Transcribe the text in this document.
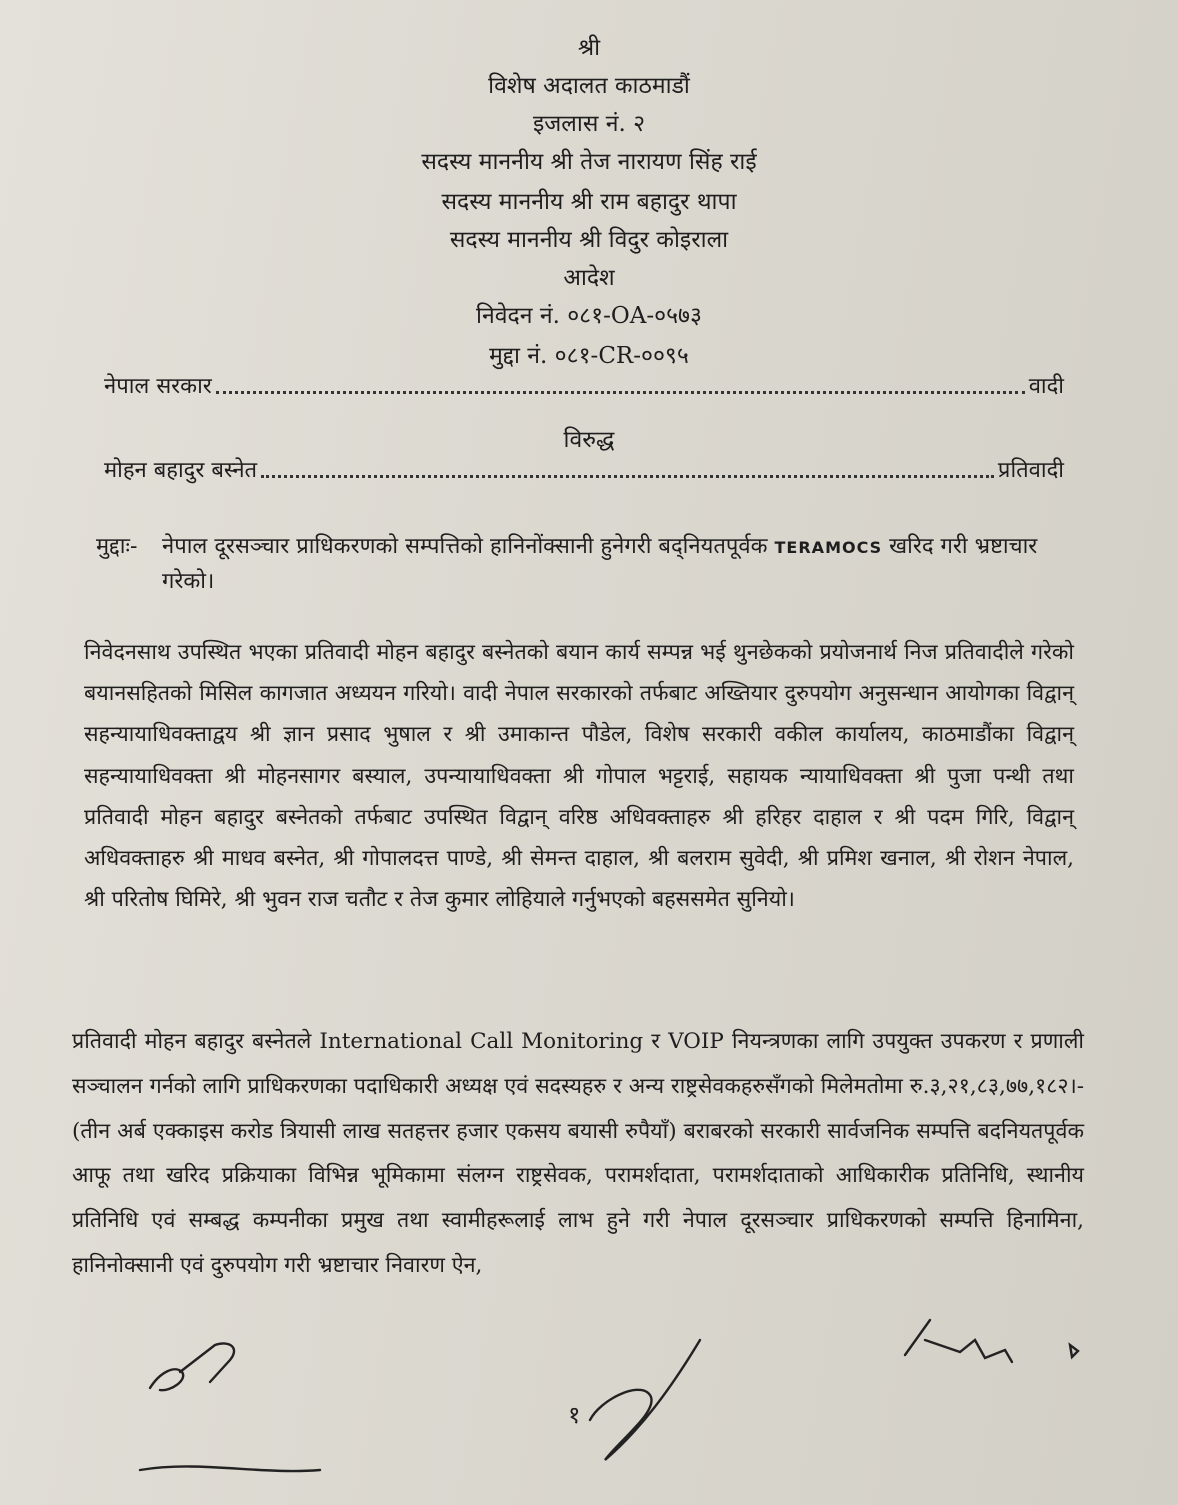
श्री
विशेष अदालत काठमाडौं
इजलास नं. २
सदस्य माननीय श्री तेज नारायण सिंह राई
सदस्य माननीय श्री राम बहादुर थापा
सदस्य माननीय श्री विदुर कोइराला
आदेश
निवेदन नं. ०८१-OA-०५७३
मुद्दा नं. ०८१-CR-००९५
नेपाल सरकार	वादी
विरुद्ध
मोहन बहादुर बस्नेत	प्रतिवादी
मुद्दाः-	नेपाल दूरसञ्चार प्राधिकरणको सम्पत्तिको हानिनोंक्सानी हुनेगरी बद्नियतपूर्वक TERAMOCS खरिद गरी भ्रष्टाचार गरेको।
निवेदनसाथ उपस्थित भएका प्रतिवादी मोहन बहादुर बस्नेतको बयान कार्य सम्पन्न भई थुनछेकको प्रयोजनार्थ निज प्रतिवादीले गरेको बयानसहितको मिसिल कागजात अध्ययन गरियो। वादी नेपाल सरकारको तर्फबाट अख्तियार दुरुपयोग अनुसन्धान आयोगका विद्वान् सहन्यायाधिवक्ताद्वय श्री ज्ञान प्रसाद भुषाल र श्री उमाकान्त पौडेल, विशेष सरकारी वकील कार्यालय, काठमाडौंका विद्वान् सहन्यायाधिवक्ता श्री मोहनसागर बस्याल, उपन्यायाधिवक्ता श्री गोपाल भट्टराई, सहायक न्यायाधिवक्ता श्री पुजा पन्थी तथा प्रतिवादी मोहन बहादुर बस्नेतको तर्फबाट उपस्थित विद्वान् वरिष्ठ अधिवक्ताहरु श्री हरिहर दाहाल र श्री पदम गिरि, विद्वान् अधिवक्ताहरु श्री माधव बस्नेत, श्री गोपालदत्त पाण्डे, श्री सेमन्त दाहाल, श्री बलराम सुवेदी, श्री प्रमिश खनाल, श्री रोशन नेपाल, श्री परितोष घिमिरे, श्री भुवन राज चतौट र तेज कुमार लोहियाले गर्नुभएको बहससमेत सुनियो।
प्रतिवादी मोहन बहादुर बस्नेतले International Call Monitoring र VOIP नियन्त्रणका लागि उपयुक्त उपकरण र प्रणाली सञ्चालन गर्नको लागि प्राधिकरणका पदाधिकारी अध्यक्ष एवं सदस्यहरु र अन्य राष्ट्रसेवकहरुसँगको मिलेमतोमा रु.३,२१,८३,७७,१८२।- (तीन अर्ब एक्काइस करोड त्रियासी लाख सतहत्तर हजार एकसय बयासी रुपैयाँ) बराबरको सरकारी सार्वजनिक सम्पत्ति बदनियतपूर्वक आफू तथा खरिद प्रक्रियाका विभिन्न भूमिकामा संलग्न राष्ट्रसेवक, परामर्शदाता, परामर्शदाताको आधिकारीक प्रतिनिधि, स्थानीय प्रतिनिधि एवं सम्बद्ध कम्पनीका प्रमुख तथा स्वामीहरूलाई लाभ हुने गरी नेपाल दूरसञ्चार प्राधिकरणको सम्पत्ति हिनामिना, हानिनोक्सानी एवं दुरुपयोग गरी भ्रष्टाचार निवारण ऐन,
१
